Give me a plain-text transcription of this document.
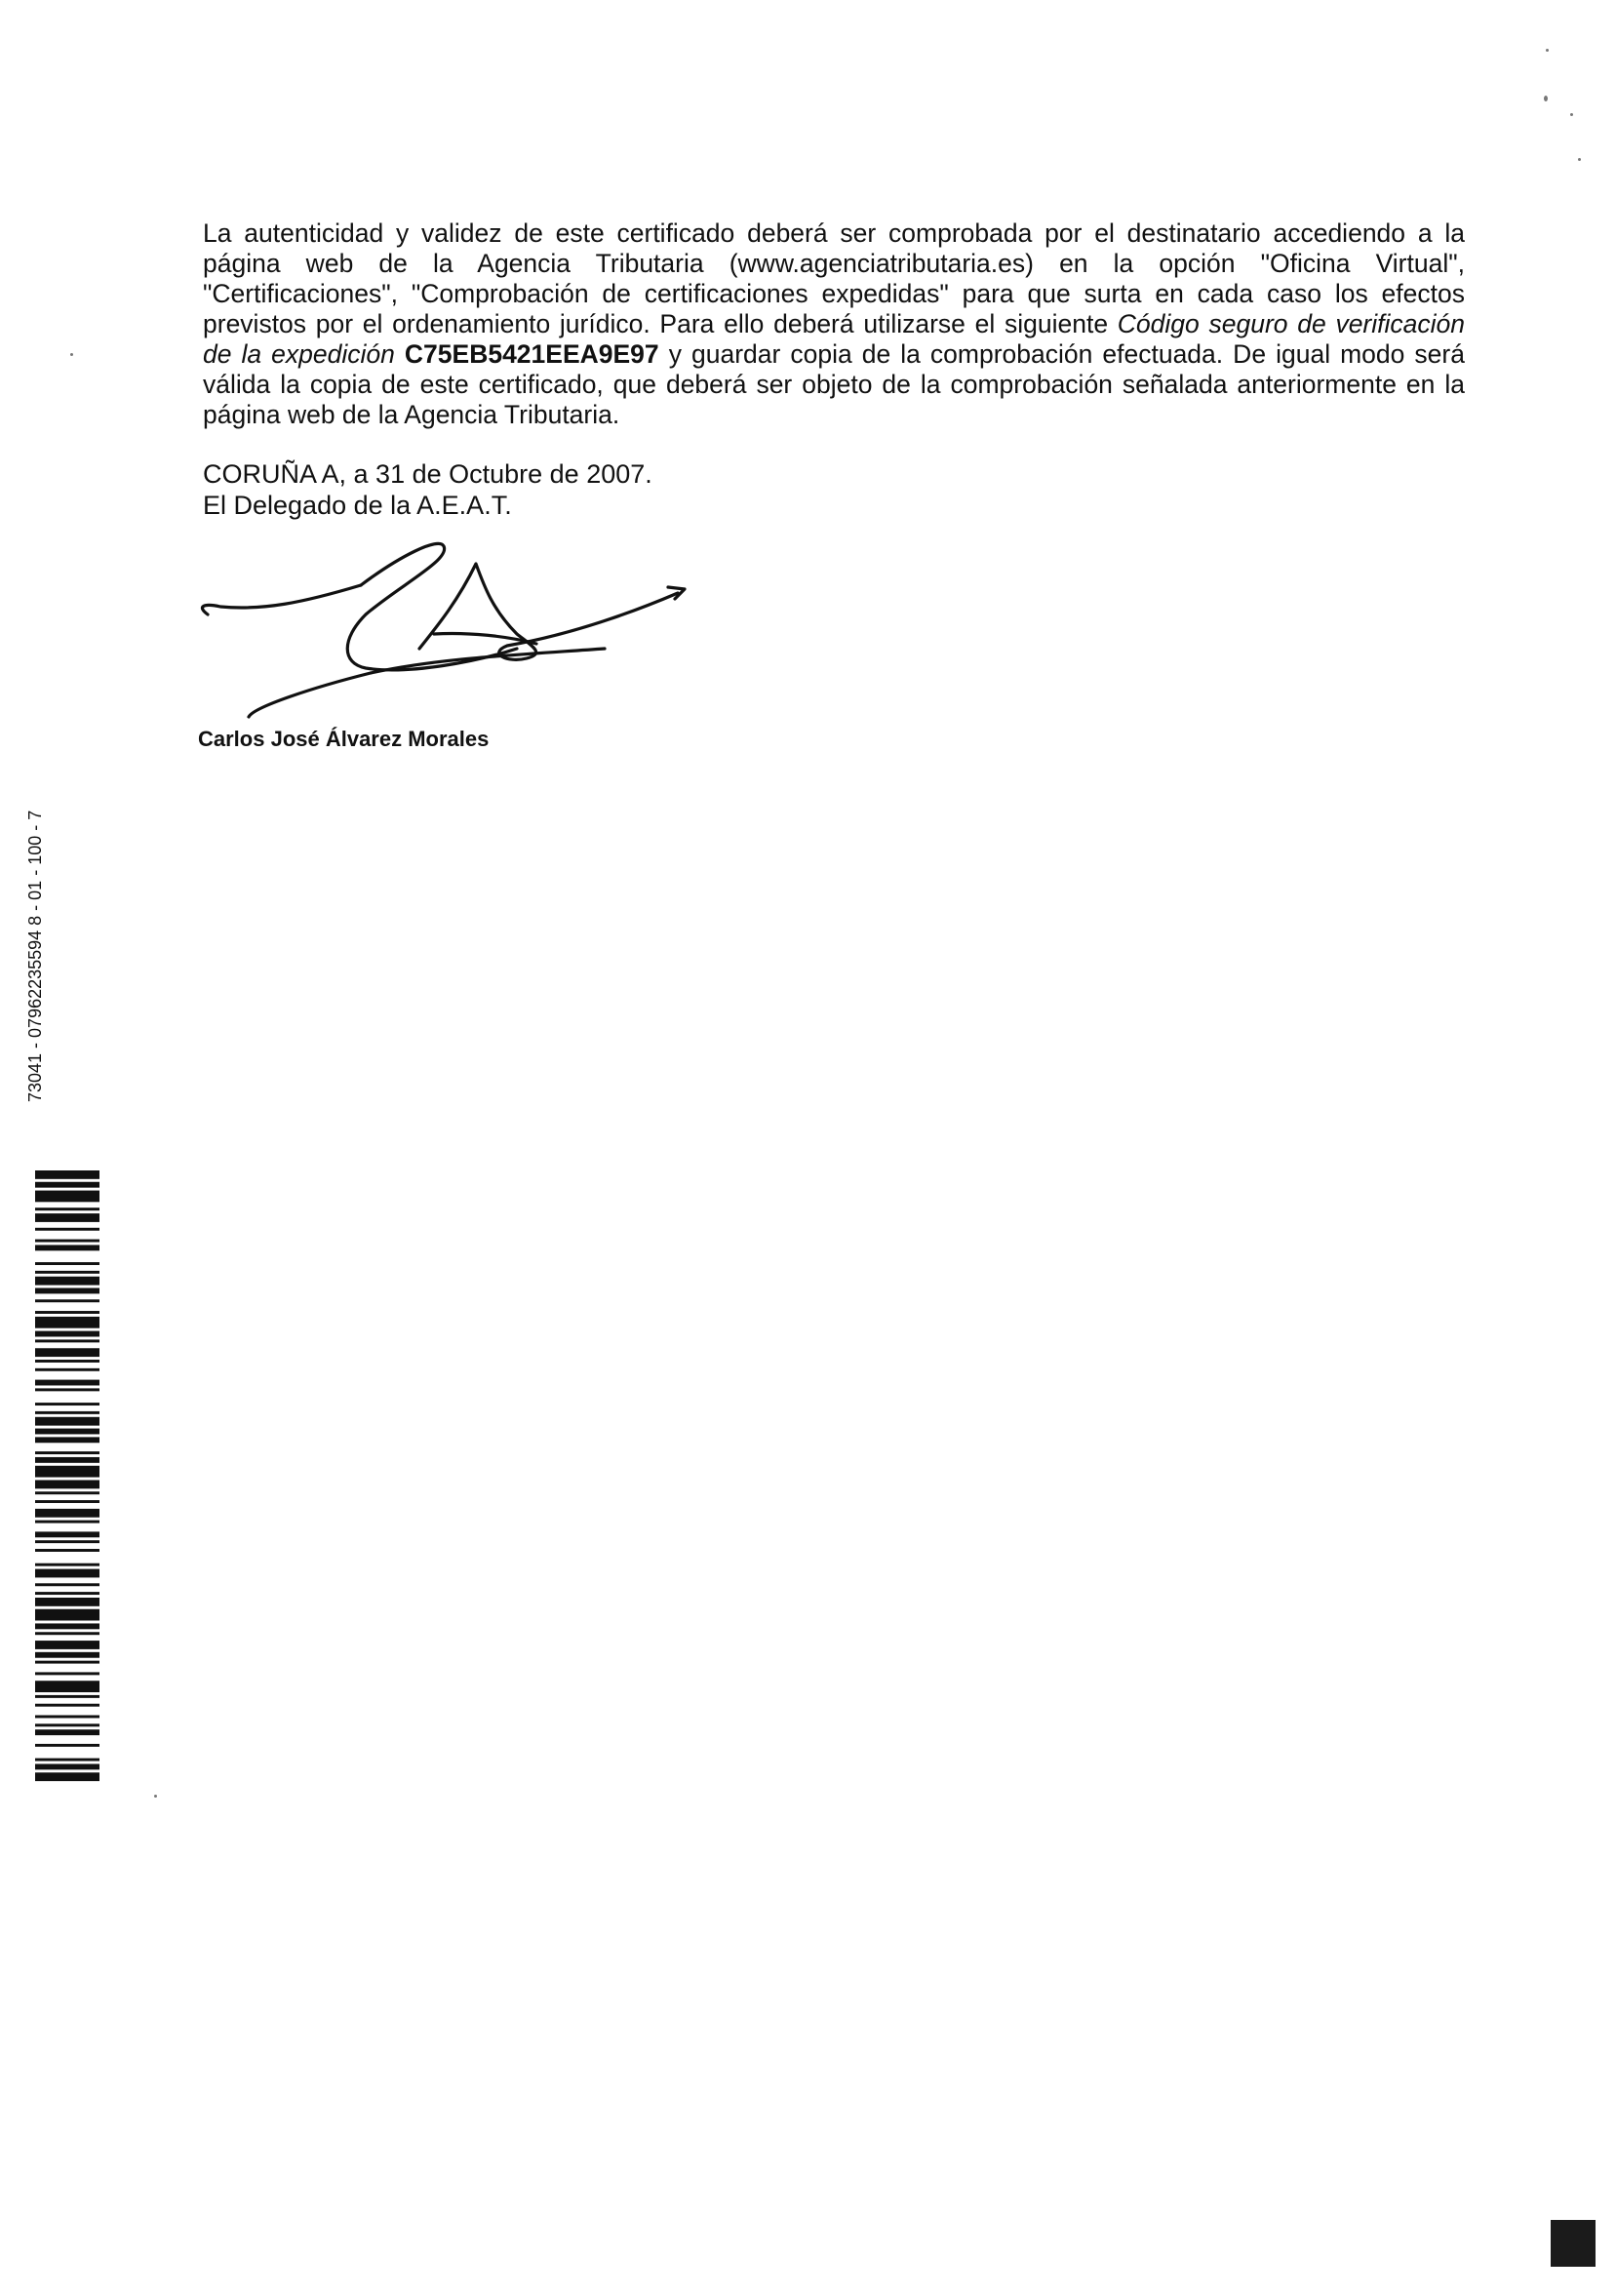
La autenticidad y validez de este certificado deberá ser comprobada por el destinatario accediendo a la página web de la Agencia Tributaria (www.agenciatributaria.es) en la opción "Oficina Virtual", "Certificaciones", "Comprobación de certificaciones expedidas" para que surta en cada caso los efectos previstos por el ordenamiento jurídico. Para ello deberá utilizarse el siguiente Código seguro de verificación de la expedición C75EB5421EEA9E97 y guardar copia de la comprobación efectuada. De igual modo será válida la copia de este certificado, que deberá ser objeto de la comprobación señalada anteriormente en la página web de la Agencia Tributaria.
CORUÑA A, a 31 de Octubre de 2007.
El Delegado de la A.E.A.T.
Carlos José Álvarez Morales
73041 - 07962235594 8 - 01 - 100 - 7
